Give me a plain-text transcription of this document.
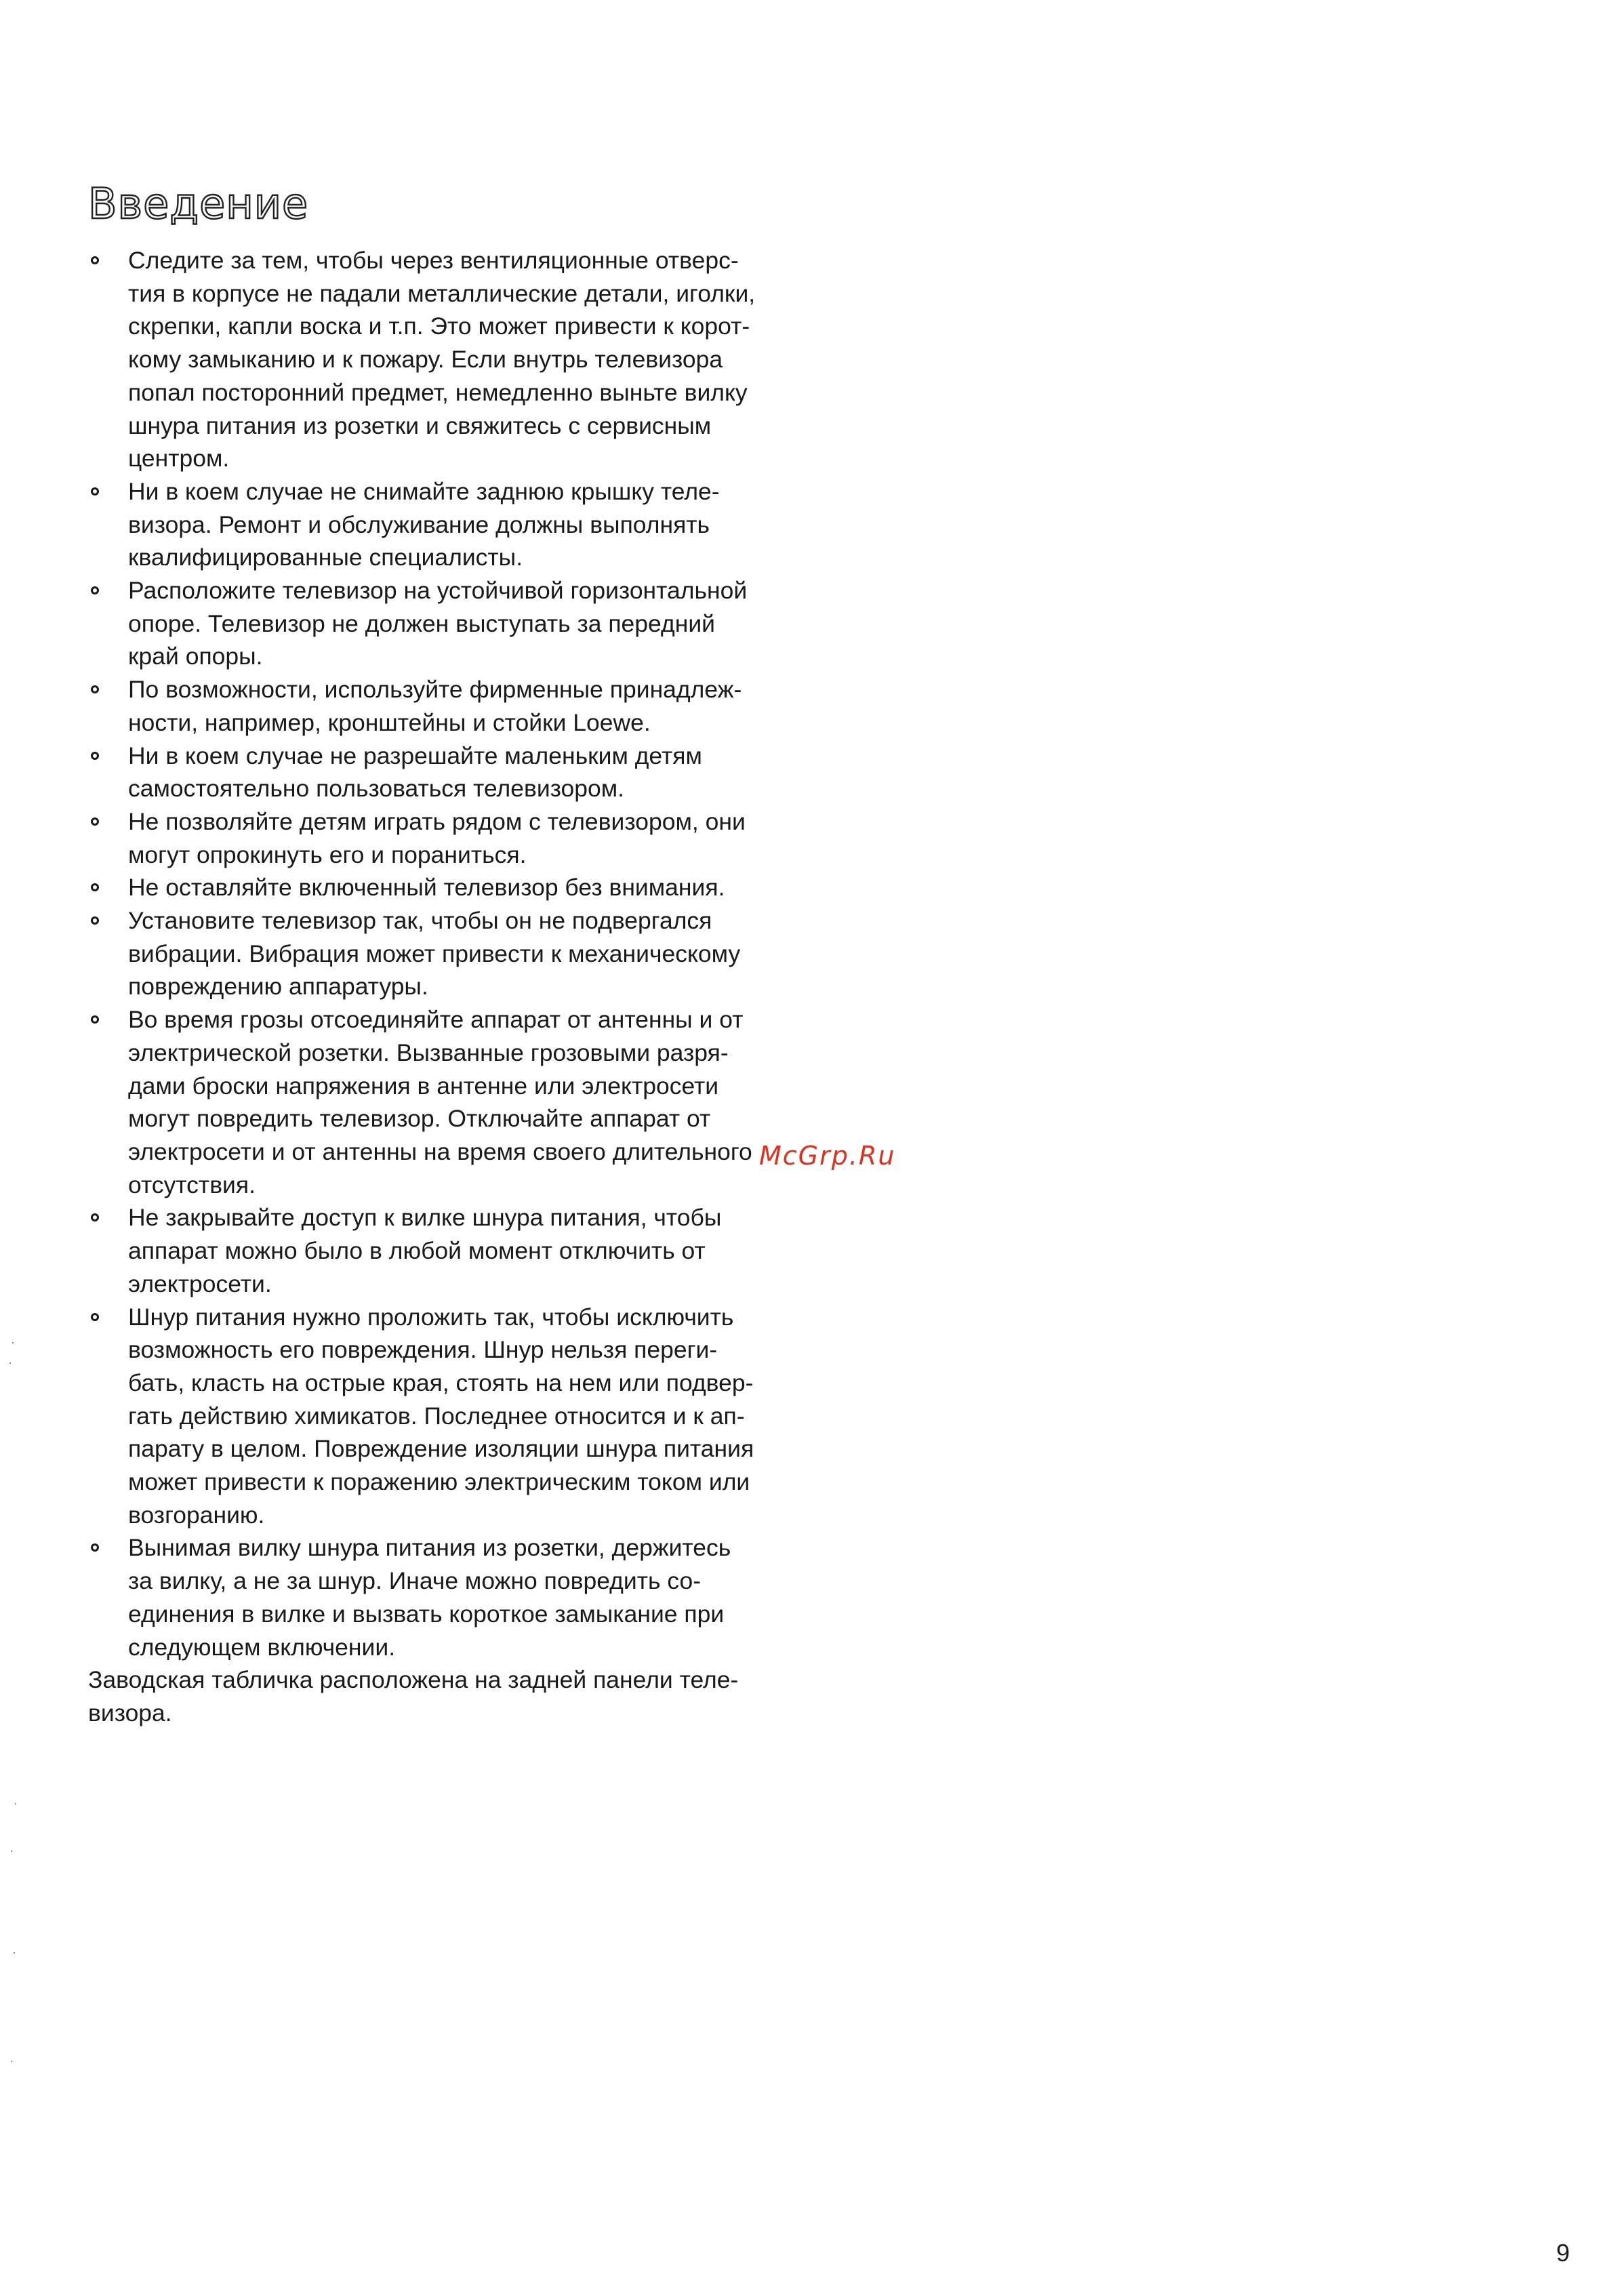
Введение
Следите за тем, чтобы через вентиляционные отверс-
тия в корпусе не падали металлические детали, иголки,
скрепки, капли воска и т.п. Это может привести к корот-
кому замыканию и к пожару. Если внутрь телевизора
попал посторонний предмет, немедленно выньте вилку
шнура питания из розетки и свяжитесь с сервисным
центром.
Ни в коем случае не снимайте заднюю крышку теле-
визора. Ремонт и обслуживание должны выполнять
квалифицированные специалисты.
Расположите телевизор на устойчивой горизонтальной
опоре. Телевизор не должен выступать за передний
край опоры.
По возможности, используйте фирменные принадлеж-
ности, например, кронштейны и стойки Loewe.
Ни в коем случае не разрешайте маленьким детям
самостоятельно пользоваться телевизором.
Не позволяйте детям играть рядом с телевизором, они
могут опрокинуть его и пораниться.
Не оставляйте включенный телевизор без внимания.
Установите телевизор так, чтобы он не подвергался
вибрации. Вибрация может привести к механическому
повреждению аппаратуры.
Во время грозы отсоединяйте аппарат от антенны и от
электрической розетки. Вызванные грозовыми разря-
дами броски напряжения в антенне или электросети
могут повредить телевизор. Отключайте аппарат от
электросети и от антенны на время своего длительного
отсутствия.
Не закрывайте доступ к вилке шнура питания, чтобы
аппарат можно было в любой момент отключить от
электросети.
Шнур питания нужно проложить так, чтобы исключить
возможность его повреждения. Шнур нельзя переги-
бать, класть на острые края, стоять на нем или подвер-
гать действию химикатов. Последнее относится и к ап-
парату в целом. Повреждение изоляции шнура питания
может привести к поражению электрическим током или
возгоранию.
Вынимая вилку шнура питания из розетки, держитесь
за вилку, а не за шнур. Иначе можно повредить со-
единения в вилке и вызвать короткое замыкание при
следующем включении.

Заводская табличка расположена на задней панели теле-
визора.

McGrp.Ru
9
